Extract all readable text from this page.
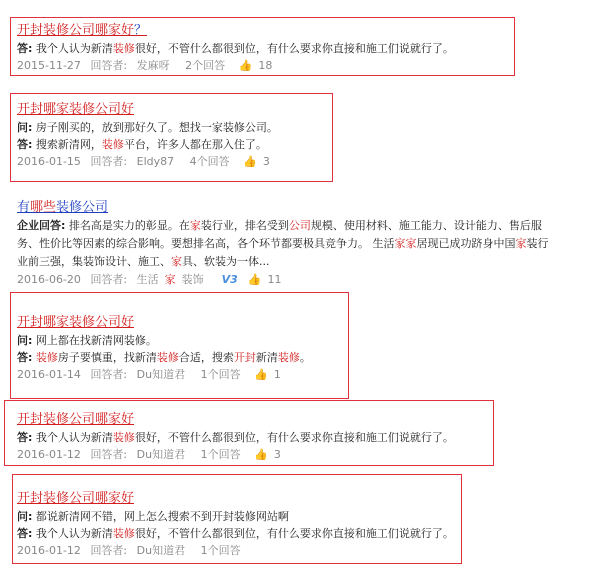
开封装修公司哪家好？
答: 我个人认为新清装修很好，不管什么都很到位，有什么要求你直接和施工们说就行了。
2015-11-27 回答者: 发麻呀 2个回答 👍 18
开封哪家装修公司好
问: 房子刚买的，放到那好久了。想找一家装修公司。
答: 搜索新清网，装修平台，许多人都在那入住了。
2016-01-15 回答者: Eldy87 4个回答 👍 3
有哪些装修公司
企业回答: 排名高是实力的彰显。在家装行业，排名受到公司规模、使用材料、施工能力、设计能力、售后服务、性价比等因素的综合影响。要想排名高，各个环节都要极具竞争力。 生活家家居现已成功跻身中国家装行业前三强，集装饰设计、施工、家具、软装为一体...
2016-06-20 回答者: 生活 家 装饰 V3 👍 11
开封哪家装修公司好
问: 网上都在找新清网装修。
答: 装修房子要慎重，找新清装修合适，搜索开封新清装修。
2016-01-14 回答者: Du知道君 1个回答 👍 1
开封装修公司哪家好
答: 我个人认为新清装修很好，不管什么都很到位，有什么要求你直接和施工们说就行了。
2016-01-12 回答者: Du知道君 1个回答 👍 3
开封装修公司哪家好
问: 都说新清网不错，网上怎么搜索不到开封装修网站啊
答: 我个人认为新清装修很好，不管什么都很到位，有什么要求你直接和施工们说就行了。
2016-01-12 回答者: Du知道君 1个回答
